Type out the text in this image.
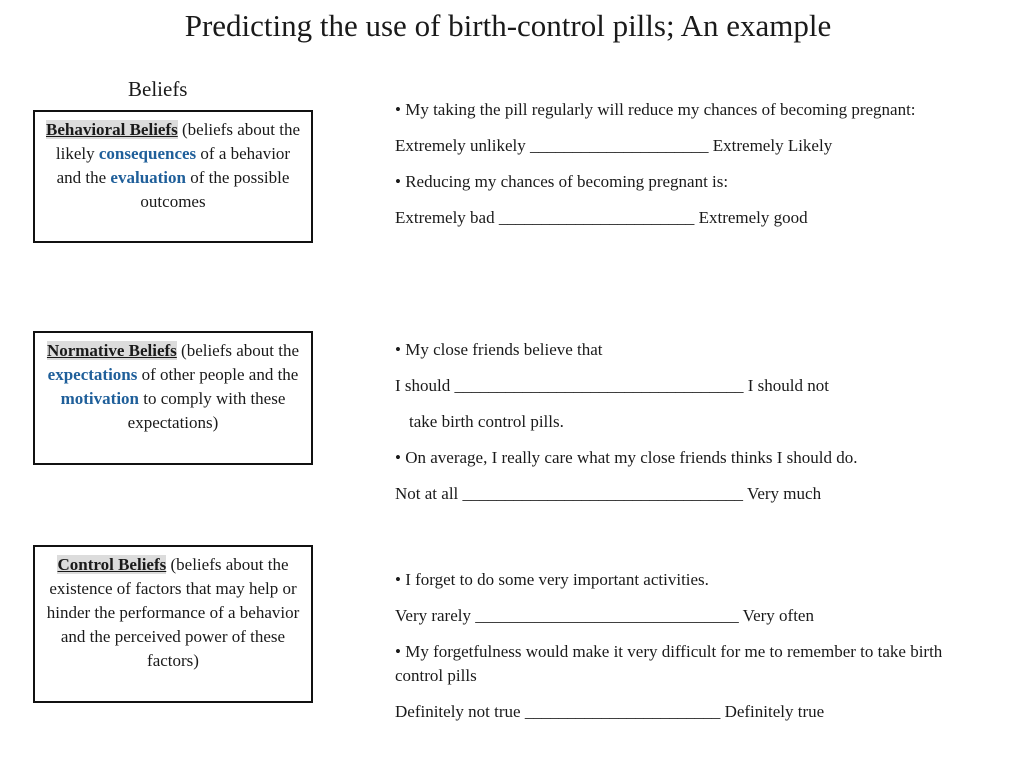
Predicting the use of birth-control pills; An example
Beliefs
Behavioral Beliefs (beliefs about the likely consequences of a behavior and the evaluation of the possible outcomes
Normative Beliefs (beliefs about the expectations of other people and the motivation to comply with these expectations)
Control Beliefs (beliefs about the existence of factors that may help or hinder the performance of a behavior and the perceived power of these factors)

• My taking the pill regularly will reduce my chances of becoming pregnant:

Extremely unlikely _____________________ Extremely Likely

• Reducing my chances of becoming pregnant is:

Extremely bad _______________________ Extremely good

• My close friends believe that

I should __________________________________ I should not

take birth control pills.

• On average, I really care what my close friends thinks I should do.

Not at all _________________________________ Very much

• I forget to do some very important activities.

Very rarely _______________________________ Very often

• My forgetfulness would make it very difficult for me to remember to take birth control pills

Definitely not true _______________________ Definitely true
